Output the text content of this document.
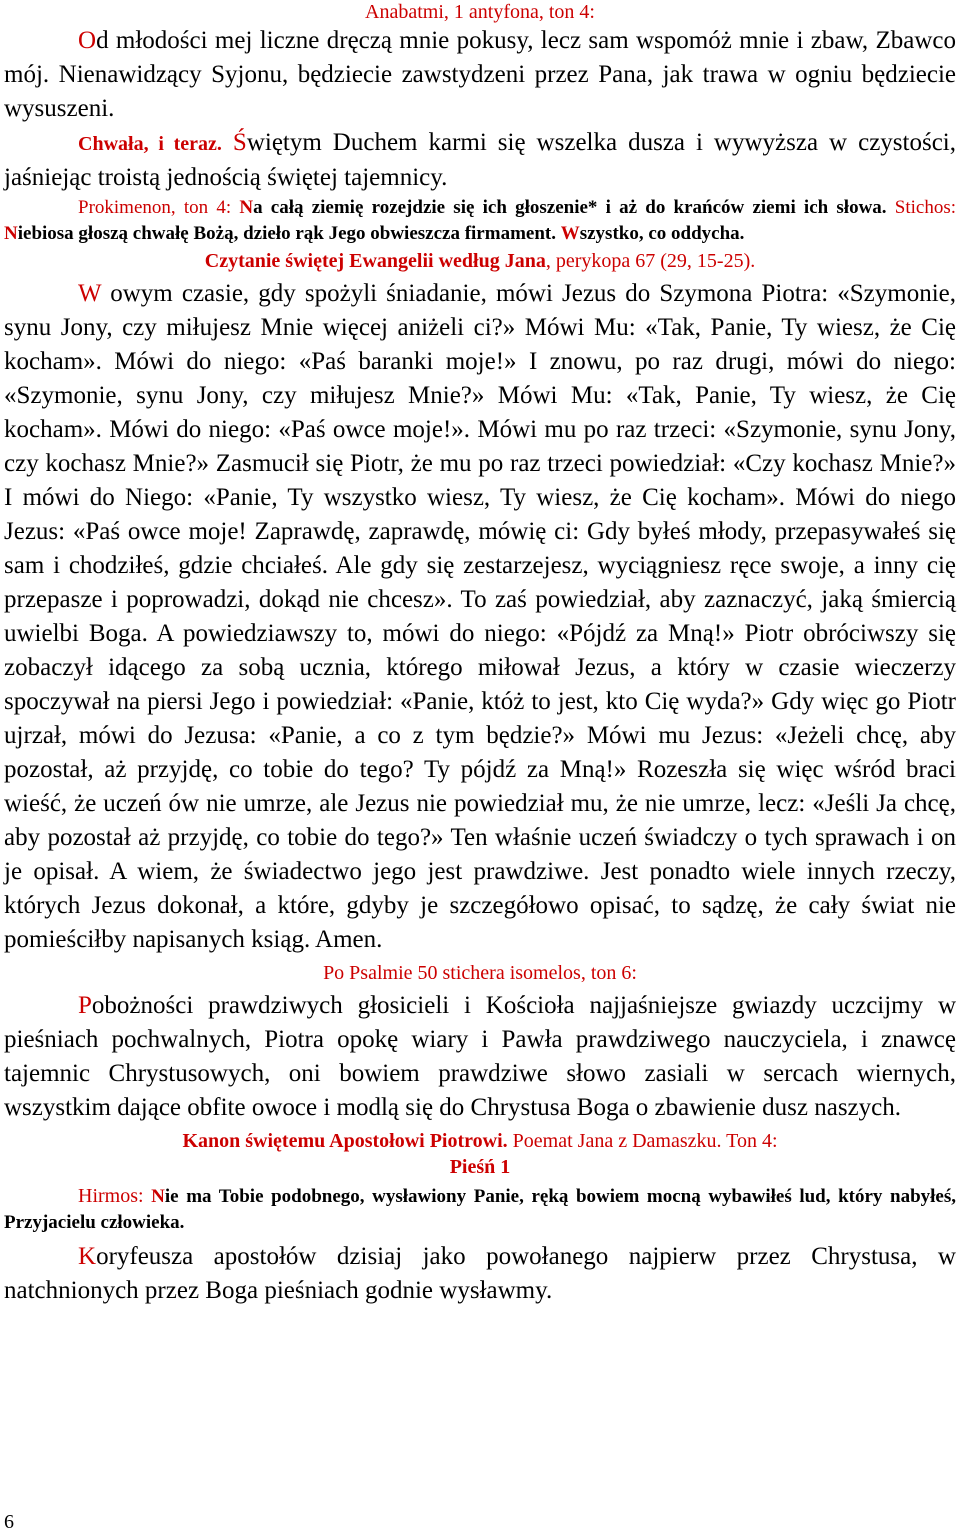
Anabatmi, 1 antyfona, ton 4:

Od młodości mej liczne dręczą mnie pokusy, lecz sam wspomóż mnie i zbaw, Zbawco mój. Nienawidzący Syjonu, będziecie zawstydzeni przez Pana, jak trawa w ogniu będziecie wysuszeni.

Chwała, i teraz. Świętym Duchem karmi się wszelka dusza i wywyższa w czystości, jaśniejąc troistą jednością świętej tajemnicy.

Prokimenon, ton 4: Na całą ziemię rozejdzie się ich głoszenie* i aż do krańców ziemi ich słowa. Stichos: Niebiosa głoszą chwałę Bożą, dzieło rąk Jego obwieszcza firmament. Wszystko, co oddycha.

Czytanie świętej Ewangelii według Jana, perykopa 67 (29, 15-25).

W owym czasie, gdy spożyli śniadanie, mówi Jezus do Szymona Piotra: «Szymonie, synu Jony, czy miłujesz Mnie więcej aniżeli ci?» Mówi Mu: «Tak, Panie, Ty wiesz, że Cię kocham». Mówi do niego: «Paś baranki moje!» I znowu, po raz drugi, mówi do niego: «Szymonie, synu Jony, czy miłujesz Mnie?» Mówi Mu: «Tak, Panie, Ty wiesz, że Cię kocham». Mówi do niego: «Paś owce moje!». Mówi mu po raz trzeci: «Szymonie, synu Jony, czy kochasz Mnie?» Zasmucił się Piotr, że mu po raz trzeci powiedział: «Czy kochasz Mnie?» I mówi do Niego: «Panie, Ty wszystko wiesz, Ty wiesz, że Cię kocham». Mówi do niego Jezus: «Paś owce moje! Zaprawdę, zaprawdę, mówię ci: Gdy byłeś młody, przepasywałeś się sam i chodziłeś, gdzie chciałeś. Ale gdy się zestarzejesz, wyciągniesz ręce swoje, a inny cię przepasze i poprowadzi, dokąd nie chcesz». To zaś powiedział, aby zaznaczyć, jaką śmiercią uwielbi Boga. A powiedziawszy to, mówi do niego: «Pójdź za Mną!» Piotr obróciwszy się zobaczył idącego za sobą ucznia, którego miłował Jezus, a który w czasie wieczerzy spoczywał na piersi Jego i powiedział: «Panie, któż to jest, kto Cię wyda?» Gdy więc go Piotr ujrzał, mówi do Jezusa: «Panie, a co z tym będzie?» Mówi mu Jezus: «Jeżeli chcę, aby pozostał, aż przyjdę, co tobie do tego? Ty pójdź za Mną!» Rozeszła się więc wśród braci wieść, że uczeń ów nie umrze, ale Jezus nie powiedział mu, że nie umrze, lecz: «Jeśli Ja chcę, aby pozostał aż przyjdę, co tobie do tego?» Ten właśnie uczeń świadczy o tych sprawach i on je opisał. A wiem, że świadectwo jego jest prawdziwe. Jest ponadto wiele innych rzeczy, których Jezus dokonał, a które, gdyby je szczegółowo opisać, to sądzę, że cały świat nie pomieściłby napisanych ksiąg. Amen.

Po Psalmie 50 stichera isomelos, ton 6:

Pobożności prawdziwych głosicieli i Kościoła najjaśniejsze gwiazdy uczcijmy w pieśniach pochwalnych, Piotra opokę wiary i Pawła prawdziwego nauczyciela, i znawcę tajemnic Chrystusowych, oni bowiem prawdziwe słowo zasiali w sercach wiernych, wszystkim dające obfite owoce i modlą się do Chrystusa Boga o zbawienie dusz naszych.

Kanon świętemu Apostołowi Piotrowi. Poemat Jana z Damaszku. Ton 4:

Pieśń 1

Hirmos: Nie ma Tobie podobnego, wysławiony Panie, ręką bowiem mocną wybawiłeś lud, który nabyłeś, Przyjacielu człowieka.

Koryfeusza apostołów dzisiaj jako powołanego najpierw przez Chrystusa, w natchnionych przez Boga pieśniach godnie wysławmy.

6
